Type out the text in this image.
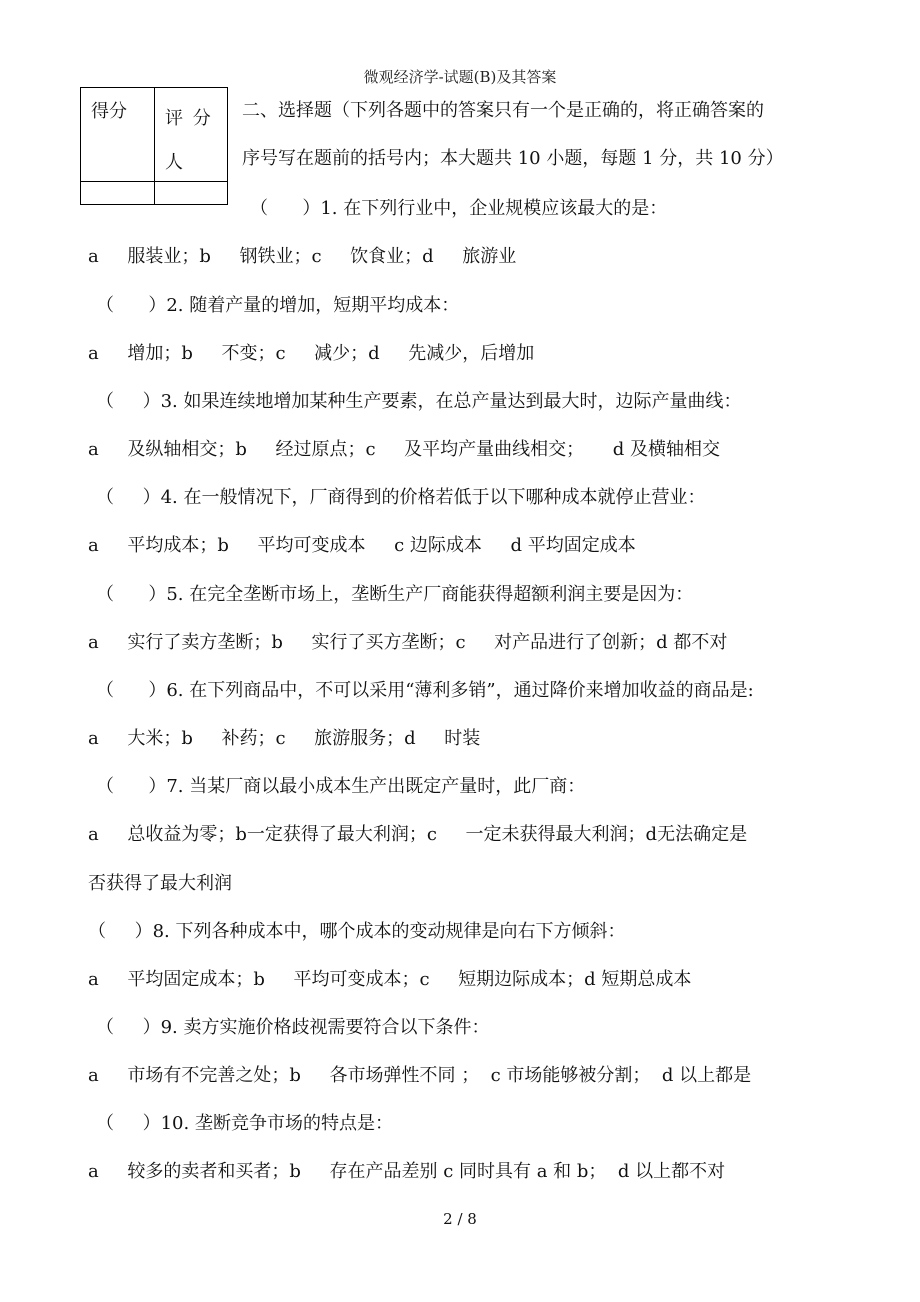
微观经济学-试题(B)及其答案
得分 评 分 人
二、选择题（下列各题中的答案只有一个是正确的，将正确答案的
序号写在题前的括号内；本大题共 10 小题，每题 1 分，共 10 分）
（      ）1. 在下列行业中，企业规模应该最大的是：
a     服装业；b     钢铁业；c     饮食业；d     旅游业
（      ）2. 随着产量的增加，短期平均成本：
a     增加；b     不变；c     减少；d     先减少，后增加
（     ）3. 如果连续地增加某种生产要素，在总产量达到最大时，边际产量曲线：
a     及纵轴相交；b     经过原点；c     及平均产量曲线相交；     d 及横轴相交
（     ）4. 在一般情况下，厂商得到的价格若低于以下哪种成本就停止营业：
a     平均成本；b     平均可变成本     c 边际成本     d 平均固定成本
（      ）5. 在完全垄断市场上，垄断生产厂商能获得超额利润主要是因为：
a     实行了卖方垄断；b     实行了买方垄断；c     对产品进行了创新；d 都不对
（      ）6. 在下列商品中，不可以采用“薄利多销”，通过降价来增加收益的商品是:
a     大米；b     补药；c     旅游服务；d     时装
（      ）7. 当某厂商以最小成本生产出既定产量时，此厂商：
a     总收益为零；b一定获得了最大利润；c     一定未获得最大利润；d无法确定是
否获得了最大利润
（     ）8. 下列各种成本中，哪个成本的变动规律是向右下方倾斜：
a     平均固定成本；b     平均可变成本；c     短期边际成本；d 短期总成本
（     ）9. 卖方实施价格歧视需要符合以下条件：
a     市场有不完善之处；b     各市场弹性不同 ；  c 市场能够被分割；  d 以上都是
（     ）10. 垄断竞争市场的特点是：
a     较多的卖者和买者；b     存在产品差别 c 同时具有 a 和 b；  d 以上都不对
2 / 8
